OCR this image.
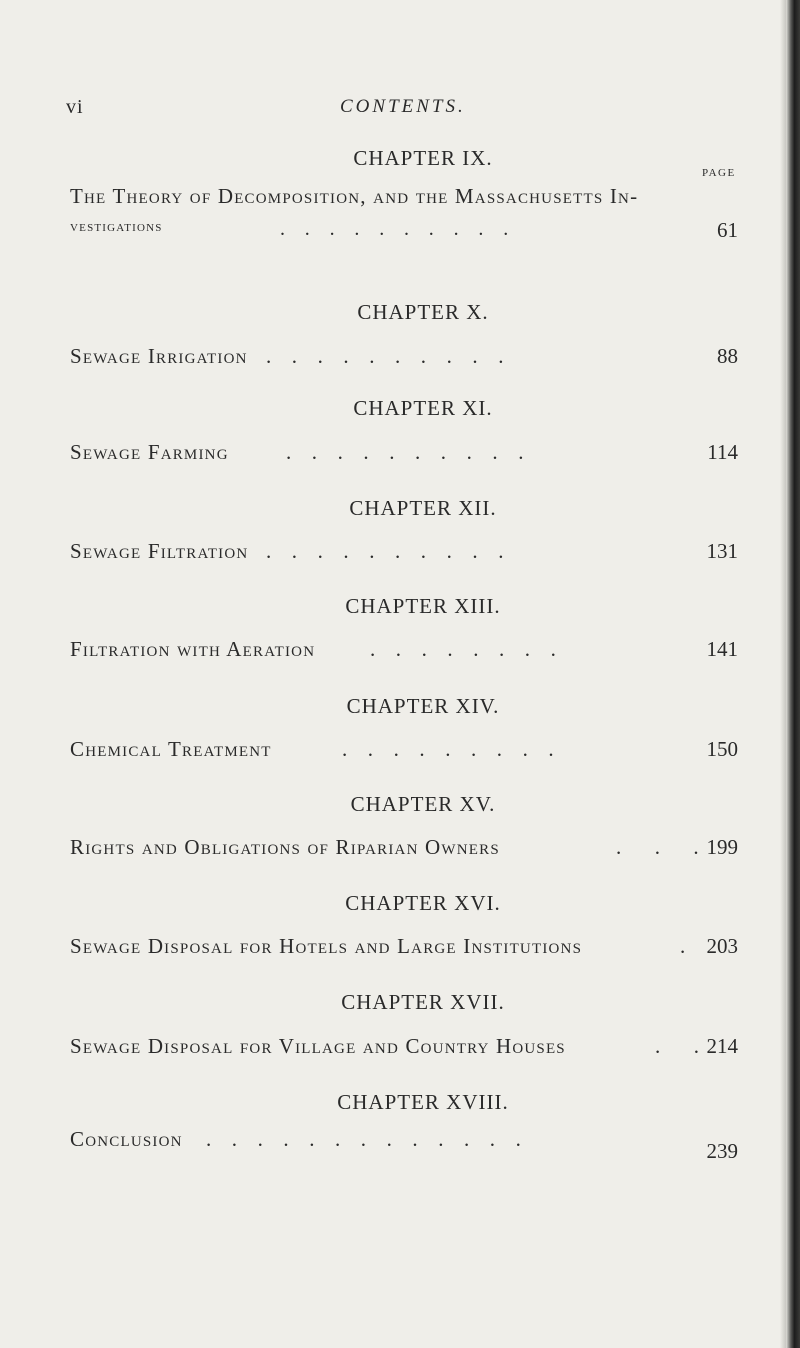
vi	CONTENTS.
CHAPTER IX.
PAGE
The Theory of Decomposition, and the Massachusetts In-
vestigations	.   .   .   .   .   .   .   .   .   .	61
CHAPTER X.
Sewage Irrigation .   .   .   .   .   .   .   .   .   .	88
CHAPTER XI.
Sewage Farming	.   .   .   .   .   .   .   .   .   .	114
CHAPTER XII.
Sewage Filtration .   .   .   .   .   .   .   .   .   .	131
CHAPTER XIII.
Filtration with Aeration	.   .   .   .   .   .   .   .	141
CHAPTER XIV.
Chemical Treatment	.   .   .   .   .   .   .   .   .	150
CHAPTER XV.
Rights and Obligations of Riparian Owners	.     .     . 199
CHAPTER XVI.
Sewage Disposal for Hotels and Large Institutions	. 203
CHAPTER XVII.
Sewage Disposal for Village and Country Houses	.     . 214
CHAPTER XVIII.
Conclusion .   .   .   .   .   .   .   .   .   .   .   .   .	239
